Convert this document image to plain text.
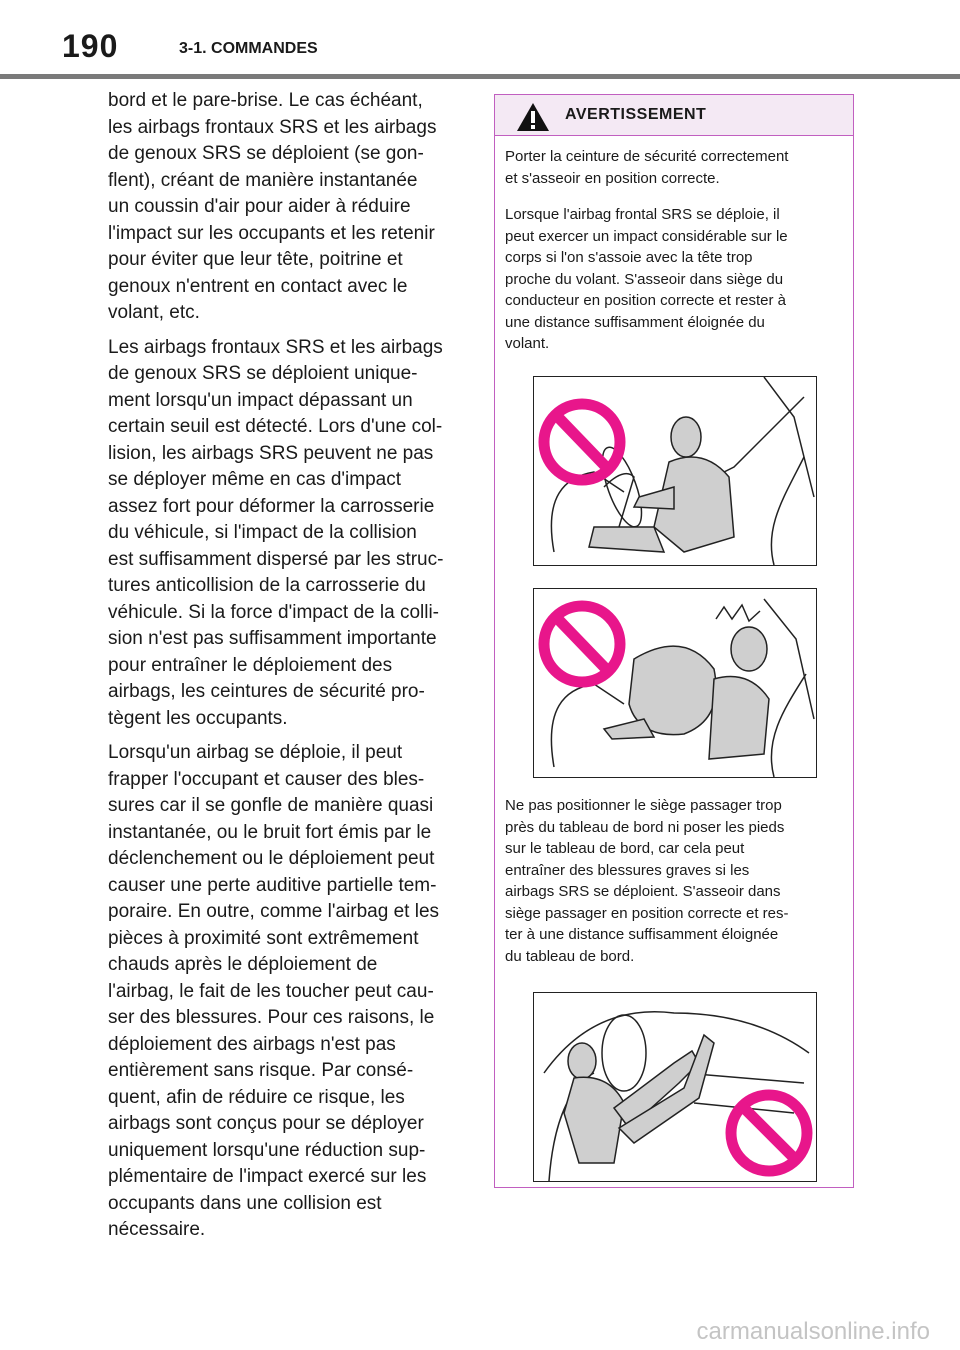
190	3-1. COMMANDES

bord et le pare-brise. Le cas échéant,
les airbags frontaux SRS et les airbags
de genoux SRS se déploient (se gon-
flent), créant de manière instantanée
un coussin d'air pour aider à réduire
l'impact sur les occupants et les retenir
pour éviter que leur tête, poitrine et
genoux n'entrent en contact avec le
volant, etc.

Les airbags frontaux SRS et les airbags
de genoux SRS se déploient unique-
ment lorsqu'un impact dépassant un
certain seuil est détecté. Lors d'une col-
lision, les airbags SRS peuvent ne pas
se déployer même en cas d'impact
assez fort pour déformer la carrosserie
du véhicule, si l'impact de la collision
est suffisamment dispersé par les struc-
tures anticollision de la carrosserie du
véhicule. Si la force d'impact de la colli-
sion n'est pas suffisamment importante
pour entraîner le déploiement des
airbags, les ceintures de sécurité pro-
tègent les occupants.

Lorsqu'un airbag se déploie, il peut
frapper l'occupant et causer des bles-
sures car il se gonfle de manière quasi
instantanée, ou le bruit fort émis par le
déclenchement ou le déploiement peut
causer une perte auditive partielle tem-
poraire. En outre, comme l'airbag et les
pièces à proximité sont extrêmement
chauds après le déploiement de
l'airbag, le fait de les toucher peut cau-
ser des blessures. Pour ces raisons, le
déploiement des airbags n'est pas
entièrement sans risque. Par consé-
quent, afin de réduire ce risque, les
airbags sont conçus pour se déployer
uniquement lorsqu'une réduction sup-
plémentaire de l'impact exercé sur les
occupants dans une collision est
nécessaire.

AVERTISSEMENT

Porter la ceinture de sécurité correctement
et s'asseoir en position correcte.

Lorsque l'airbag frontal SRS se déploie, il
peut exercer un impact considérable sur le
corps si l'on s'assoie avec la tête trop
proche du volant. S'asseoir dans siège du
conducteur en position correcte et rester à
une distance suffisamment éloignée du
volant.

Ne pas positionner le siège passager trop
près du tableau de bord ni poser les pieds
sur le tableau de bord, car cela peut
entraîner des blessures graves si les
airbags SRS se déploient. S'asseoir dans
siège passager en position correcte et res-
ter à une distance suffisamment éloignée
du tableau de bord.

carmanualsonline.info
